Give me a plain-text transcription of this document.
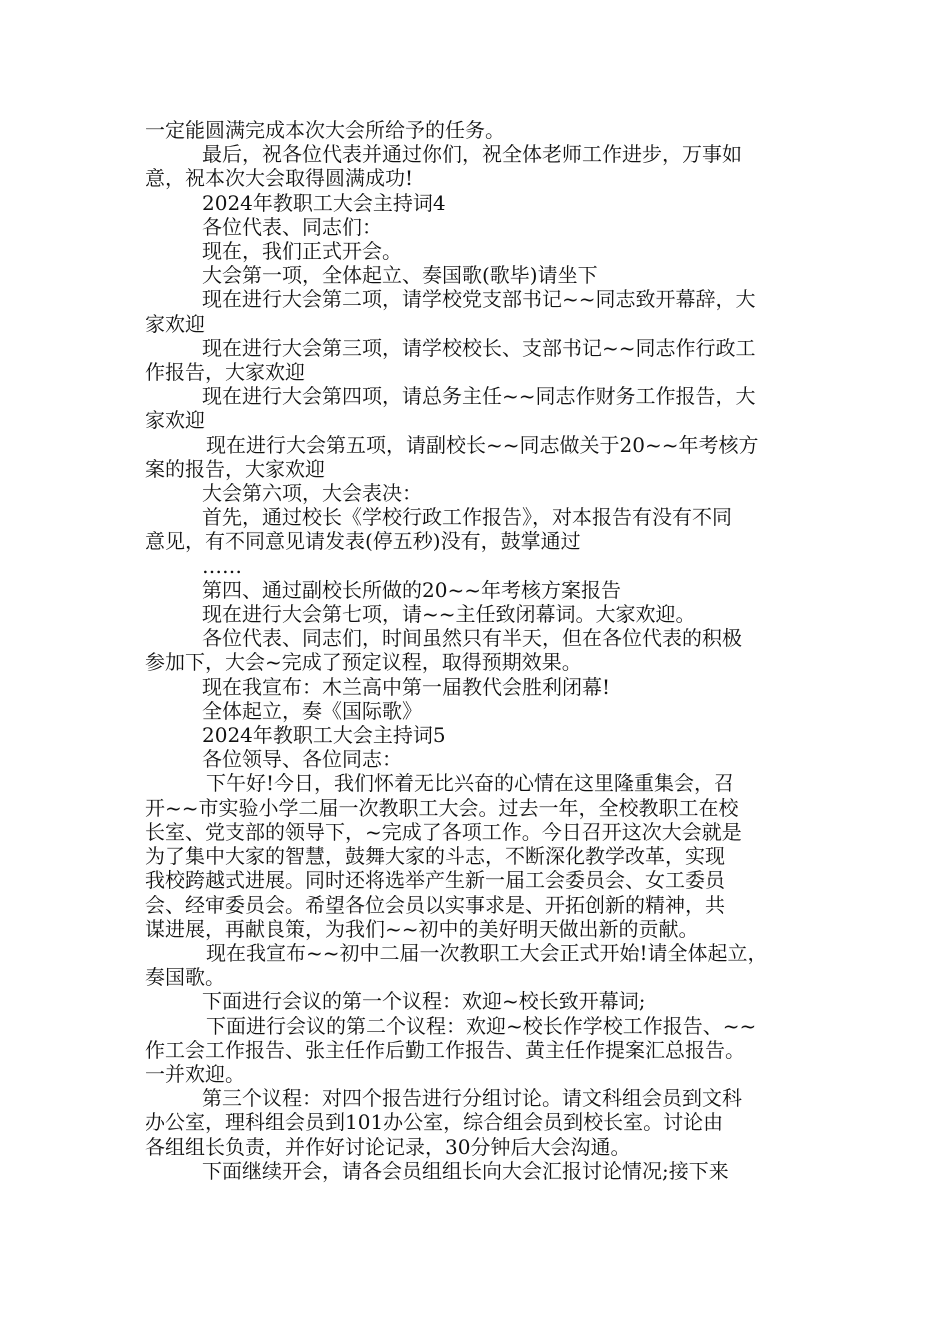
一定能圆满完成本次大会所给予的任务。
最后，祝各位代表并通过你们，祝全体老师工作进步，万事如
意，祝本次大会取得圆满成功!
2024年教职工大会主持词4
各位代表、同志们：
现在，我们正式开会。
大会第一项，全体起立、奏国歌(歌毕)请坐下
现在进行大会第二项，请学校党支部书记~~同志致开幕辞，大
家欢迎
现在进行大会第三项，请学校校长、支部书记~~同志作行政工
作报告，大家欢迎
现在进行大会第四项，请总务主任~~同志作财务工作报告，大
家欢迎
现在进行大会第五项，请副校长~~同志做关于20~~年考核方
案的报告，大家欢迎
大会第六项，大会表决：
首先，通过校长《学校行政工作报告》，对本报告有没有不同
意见，有不同意见请发表(停五秒)没有，鼓掌通过
……
第四、通过副校长所做的20~~年考核方案报告
现在进行大会第七项，请~~主任致闭幕词。大家欢迎。
各位代表、同志们，时间虽然只有半天，但在各位代表的积极
参加下，大会~完成了预定议程，取得预期效果。
现在我宣布：木兰高中第一届教代会胜利闭幕!
全体起立，奏《国际歌》
2024年教职工大会主持词5
各位领导、各位同志：
下午好!今日，我们怀着无比兴奋的心情在这里隆重集会，召
开~~市实验小学二届一次教职工大会。过去一年，全校教职工在校
长室、党支部的领导下，~完成了各项工作。今日召开这次大会就是
为了集中大家的智慧，鼓舞大家的斗志，不断深化教学改革，实现
我校跨越式进展。同时还将选举产生新一届工会委员会、女工委员
会、经审委员会。希望各位会员以实事求是、开拓创新的精神，共
谋进展，再献良策，为我们~~初中的美好明天做出新的贡献。
现在我宣布~~初中二届一次教职工大会正式开始!请全体起立，
奏国歌。
下面进行会议的第一个议程：欢迎~校长致开幕词;
下面进行会议的第二个议程：欢迎~校长作学校工作报告、~~
作工会工作报告、张主任作后勤工作报告、黄主任作提案汇总报告。
一并欢迎。
第三个议程：对四个报告进行分组讨论。请文科组会员到文科
办公室，理科组会员到101办公室，综合组会员到校长室。讨论由
各组组长负责，并作好讨论记录，30分钟后大会沟通。
下面继续开会，请各会员组组长向大会汇报讨论情况;接下来
